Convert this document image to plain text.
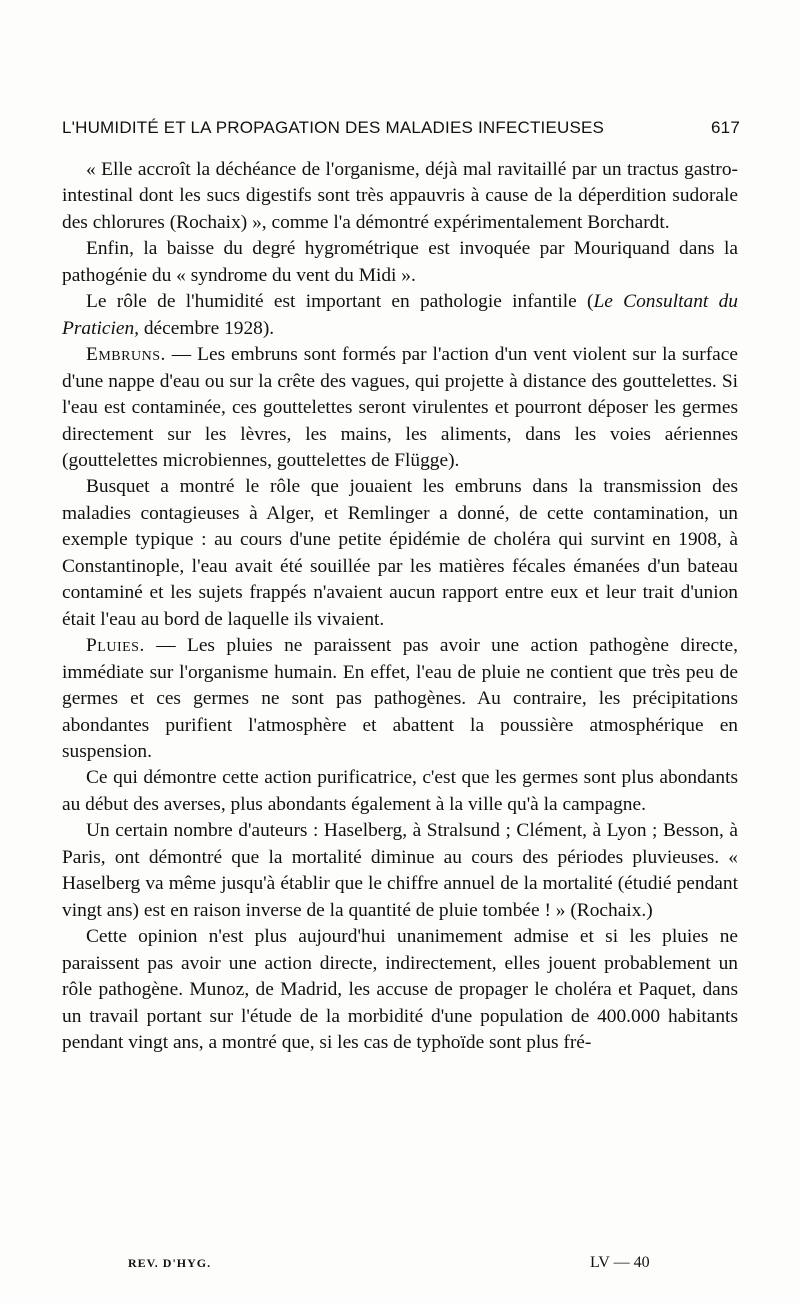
L'HUMIDITÉ ET LA PROPAGATION DES MALADIES INFECTIEUSES	617

« Elle accroît la déchéance de l'organisme, déjà mal ravitaillé par un tractus gastro-intestinal dont les sucs digestifs sont très appauvris à cause de la déperdition sudorale des chlorures (Rochaix) », comme l'a démontré expérimentalement Borchardt.

Enfin, la baisse du degré hygrométrique est invoquée par Mouriquand dans la pathogénie du « syndrome du vent du Midi ».

Le rôle de l'humidité est important en pathologie infantile (Le Consultant du Praticien, décembre 1928).

Embruns. — Les embruns sont formés par l'action d'un vent violent sur la surface d'une nappe d'eau ou sur la crête des vagues, qui projette à distance des gouttelettes. Si l'eau est contaminée, ces gouttelettes seront virulentes et pourront déposer les germes directement sur les lèvres, les mains, les aliments, dans les voies aériennes (gouttelettes microbiennes, gouttelettes de Flügge).

Busquet a montré le rôle que jouaient les embruns dans la transmission des maladies contagieuses à Alger, et Remlinger a donné, de cette contamination, un exemple typique : au cours d'une petite épidémie de choléra qui survint en 1908, à Constantinople, l'eau avait été souillée par les matières fécales émanées d'un bateau contaminé et les sujets frappés n'avaient aucun rapport entre eux et leur trait d'union était l'eau au bord de laquelle ils vivaient.

Pluies. — Les pluies ne paraissent pas avoir une action pathogène directe, immédiate sur l'organisme humain. En effet, l'eau de pluie ne contient que très peu de germes et ces germes ne sont pas pathogènes. Au contraire, les précipitations abondantes purifient l'atmosphère et abattent la poussière atmosphérique en suspension.

Ce qui démontre cette action purificatrice, c'est que les germes sont plus abondants au début des averses, plus abondants également à la ville qu'à la campagne.

Un certain nombre d'auteurs : Haselberg, à Stralsund ; Clément, à Lyon ; Besson, à Paris, ont démontré que la mortalité diminue au cours des périodes pluvieuses. « Haselberg va même jusqu'à établir que le chiffre annuel de la mortalité (étudié pendant vingt ans) est en raison inverse de la quantité de pluie tombée ! » (Rochaix.)

Cette opinion n'est plus aujourd'hui unanimement admise et si les pluies ne paraissent pas avoir une action directe, indirectement, elles jouent probablement un rôle pathogène. Munoz, de Madrid, les accuse de propager le choléra et Paquet, dans un travail portant sur l'étude de la morbidité d'une population de 400.000 habitants pendant vingt ans, a montré que, si les cas de typhoïde sont plus fré-

REV. D'HYG.	LV — 40
